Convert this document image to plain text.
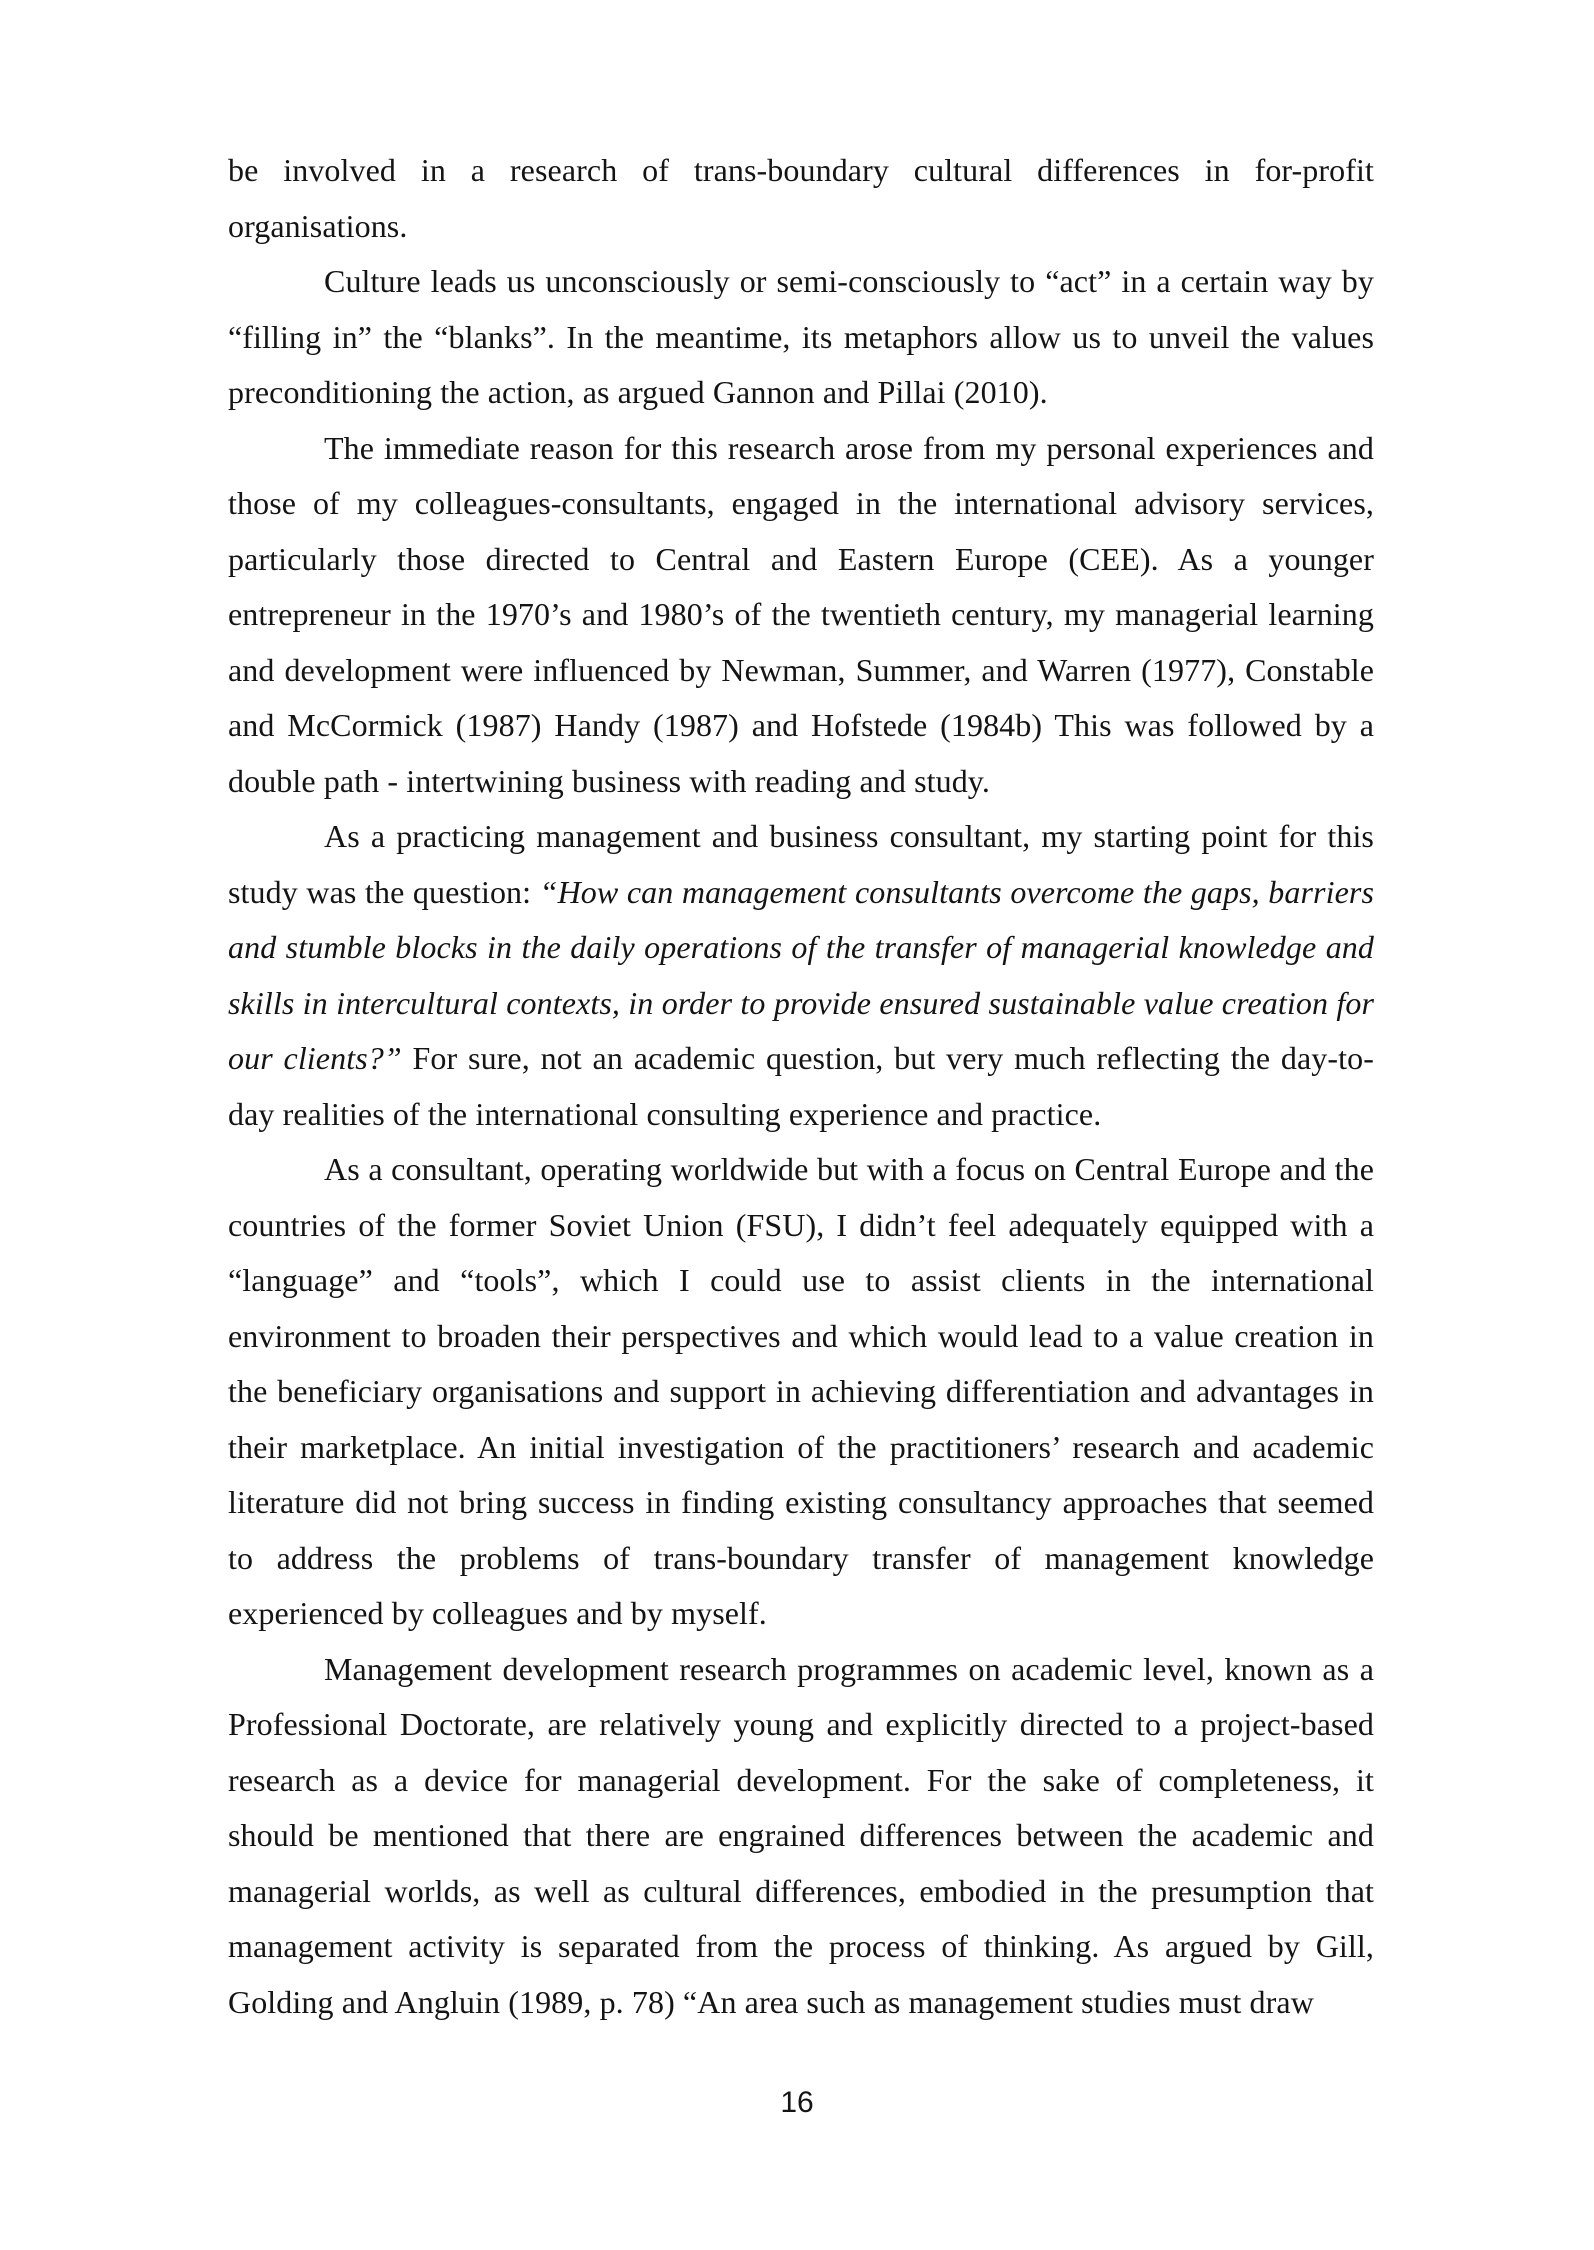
be involved in a research of trans-boundary cultural differences in for-profit organisations.

Culture leads us unconsciously or semi-consciously to “act” in a certain way by “filling in” the “blanks”. In the meantime, its metaphors allow us to unveil the values preconditioning the action, as argued Gannon and Pillai (2010).

The immediate reason for this research arose from my personal experiences and those of my colleagues-consultants, engaged in the international advisory services, particularly those directed to Central and Eastern Europe (CEE). As a younger entrepreneur in the 1970’s and 1980’s of the twentieth century, my managerial learning and development were influenced by Newman, Summer, and Warren (1977), Constable and McCormick (1987) Handy (1987) and Hofstede (1984b) This was followed by a double path - intertwining business with reading and study.

As a practicing management and business consultant, my starting point for this study was the question: “How can management consultants overcome the gaps, barriers and stumble blocks in the daily operations of the transfer of managerial knowledge and skills in intercultural contexts, in order to provide ensured sustainable value creation for our clients?” For sure, not an academic question, but very much reflecting the day-to-day realities of the international consulting experience and practice.

As a consultant, operating worldwide but with a focus on Central Europe and the countries of the former Soviet Union (FSU), I didn’t feel adequately equipped with a “language” and “tools”, which I could use to assist clients in the international environment to broaden their perspectives and which would lead to a value creation in the beneficiary organisations and support in achieving differentiation and advantages in their marketplace. An initial investigation of the practitioners’ research and academic literature did not bring success in finding existing consultancy approaches that seemed to address the problems of trans-boundary transfer of management knowledge experienced by colleagues and by myself.

Management development research programmes on academic level, known as a Professional Doctorate, are relatively young and explicitly directed to a project-based research as a device for managerial development. For the sake of completeness, it should be mentioned that there are engrained differences between the academic and managerial worlds, as well as cultural differences, embodied in the presumption that management activity is separated from the process of thinking. As argued by Gill, Golding and Angluin (1989, p. 78) “An area such as management studies must draw

16
